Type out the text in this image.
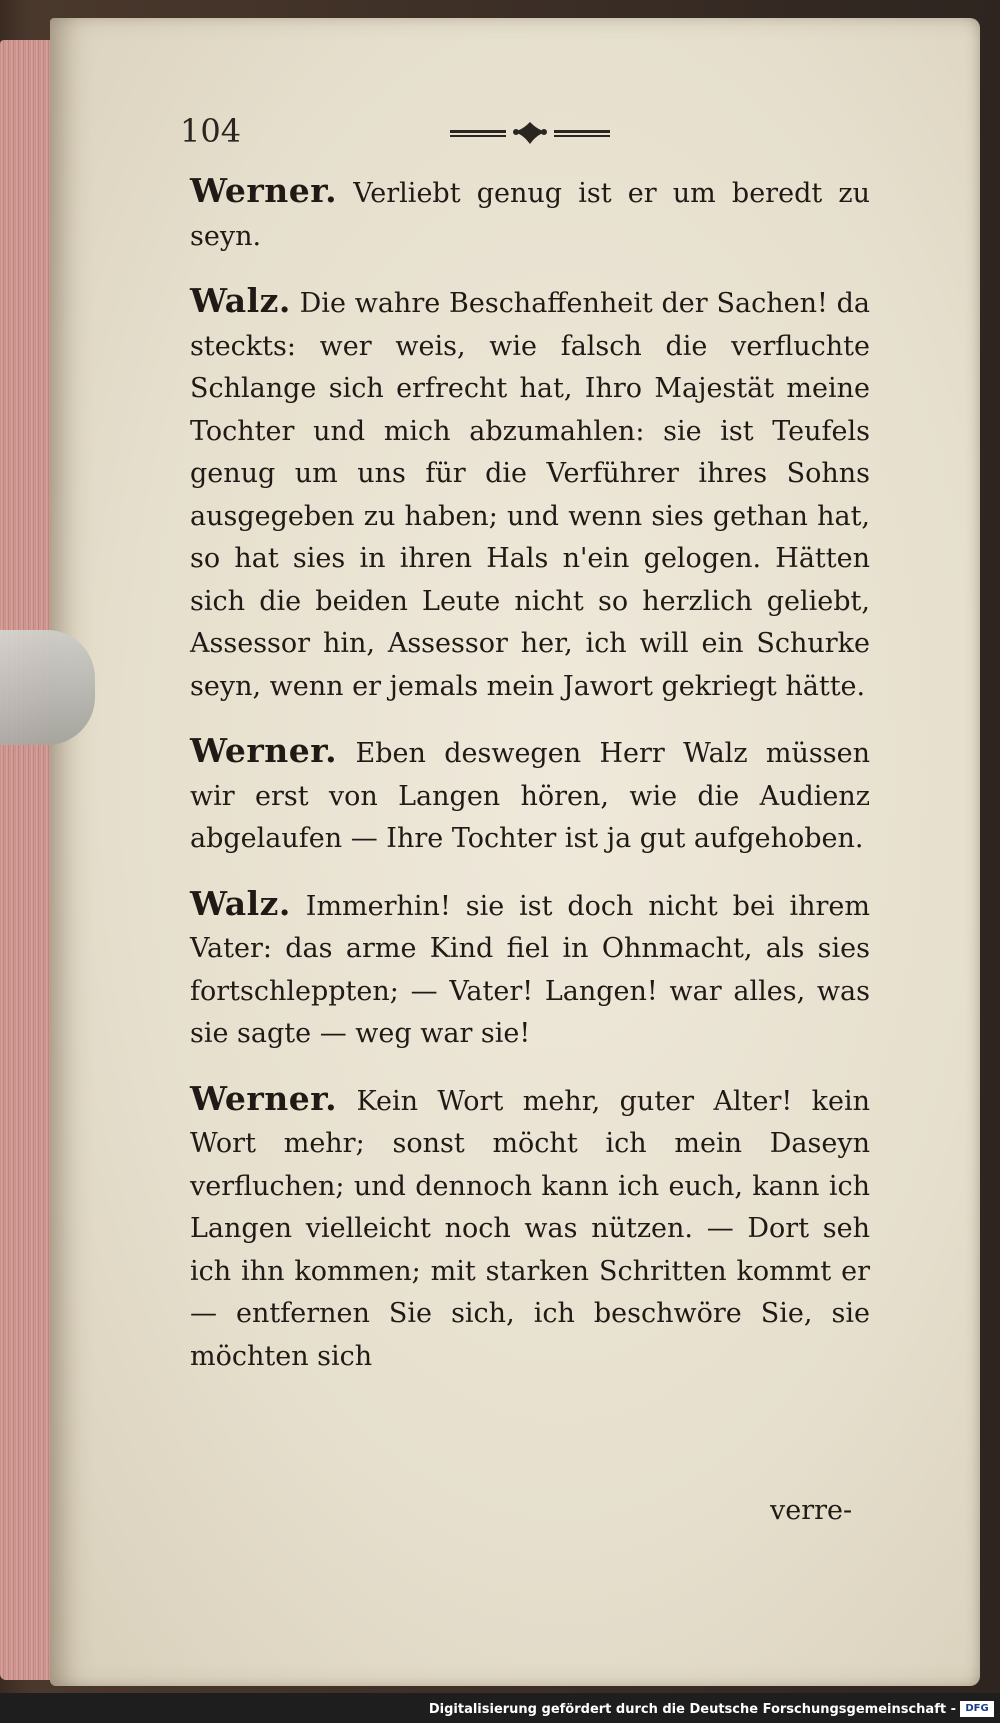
104

Werner. Verliebt genug ist er um beredt zu seyn.

Walz. Die wahre Beschaffenheit der Sachen! da steckts: wer weis, wie falsch die verfluchte Schlange sich erfrecht hat, Ihro Majestät meine Tochter und mich abzumahlen: sie ist Teufels genug um uns für die Verführer ihres Sohns ausgegeben zu haben; und wenn sies gethan hat, so hat sies in ihren Hals n'ein gelogen. Hätten sich die beiden Leute nicht so herzlich geliebt, Assessor hin, Assessor her, ich will ein Schurke seyn, wenn er jemals mein Jawort gekriegt hätte.

Werner. Eben deswegen Herr Walz müssen wir erst von Langen hören, wie die Audienz abgelaufen — Ihre Tochter ist ja gut aufgehoben.

Walz. Immerhin! sie ist doch nicht bei ihrem Vater: das arme Kind fiel in Ohnmacht, als sies fortschleppten; — Vater! Langen! war alles, was sie sagte — weg war sie!

Werner. Kein Wort mehr, guter Alter! kein Wort mehr; sonst möcht ich mein Daseyn verfluchen; und dennoch kann ich euch, kann ich Langen vielleicht noch was nützen. — Dort seh ich ihn kommen; mit starken Schritten kommt er — entfernen Sie sich, ich beschwöre Sie, sie möchten sich

verre-
Digitalisierung gefördert durch die Deutsche Forschungsgemeinschaft - DFG
